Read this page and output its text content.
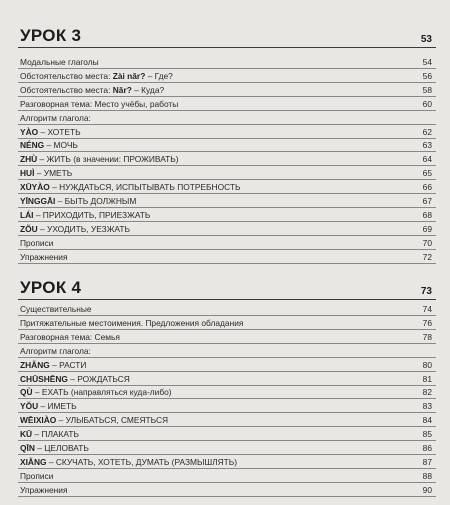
УРОК 3	53
Модальные глаголы	54
Обстоятельство места: Zài nǎr? – Где?	56
Обстоятельство места: Nǎr? – Куда?	58
Разговорная тема: Место учёбы, работы	60
Алгоритм глагола:
YÀO – ХОТЕТЬ	62
NÉNG – МОЧЬ	63
ZHÙ – ЖИТЬ (в значении: ПРОЖИВАТЬ)	64
HUÌ – УМЕТЬ	65
XŪYÀO – НУЖДАТЬСЯ, ИСПЫТЫВАТЬ ПОТРЕБНОСТЬ	66
YĪNGGĀI – БЫТЬ ДОЛЖНЫМ	67
LÁI – ПРИХОДИТЬ, ПРИЕЗЖАТЬ	68
ZŎU – УХОДИТЬ, УЕЗЖАТЬ	69
Прописи	70
Упражнения	72
УРОК 4	73
Существительные	74
Притяжательные местоимения. Предложения обладания	76
Разговорная тема: Семья	78
Алгоритм глагола:
ZHĂNG – РАСТИ	80
CHŪSHĒNG – РОЖДАТЬСЯ	81
QÙ – ЕХАТЬ (направляться куда-либо)	82
YŎU – ИМЕТЬ	83
WĒIXIÀO – УЛЫБАТЬСЯ, СМЕЯТЬСЯ	84
KŪ – ПЛАКАТЬ	85
QĪN – ЦЕЛОВАТЬ	86
XIĂNG – СКУЧАТЬ, ХОТЕТЬ, ДУМАТЬ (РАЗМЫШЛЯТЬ)	87
Прописи	88
Упражнения	90
